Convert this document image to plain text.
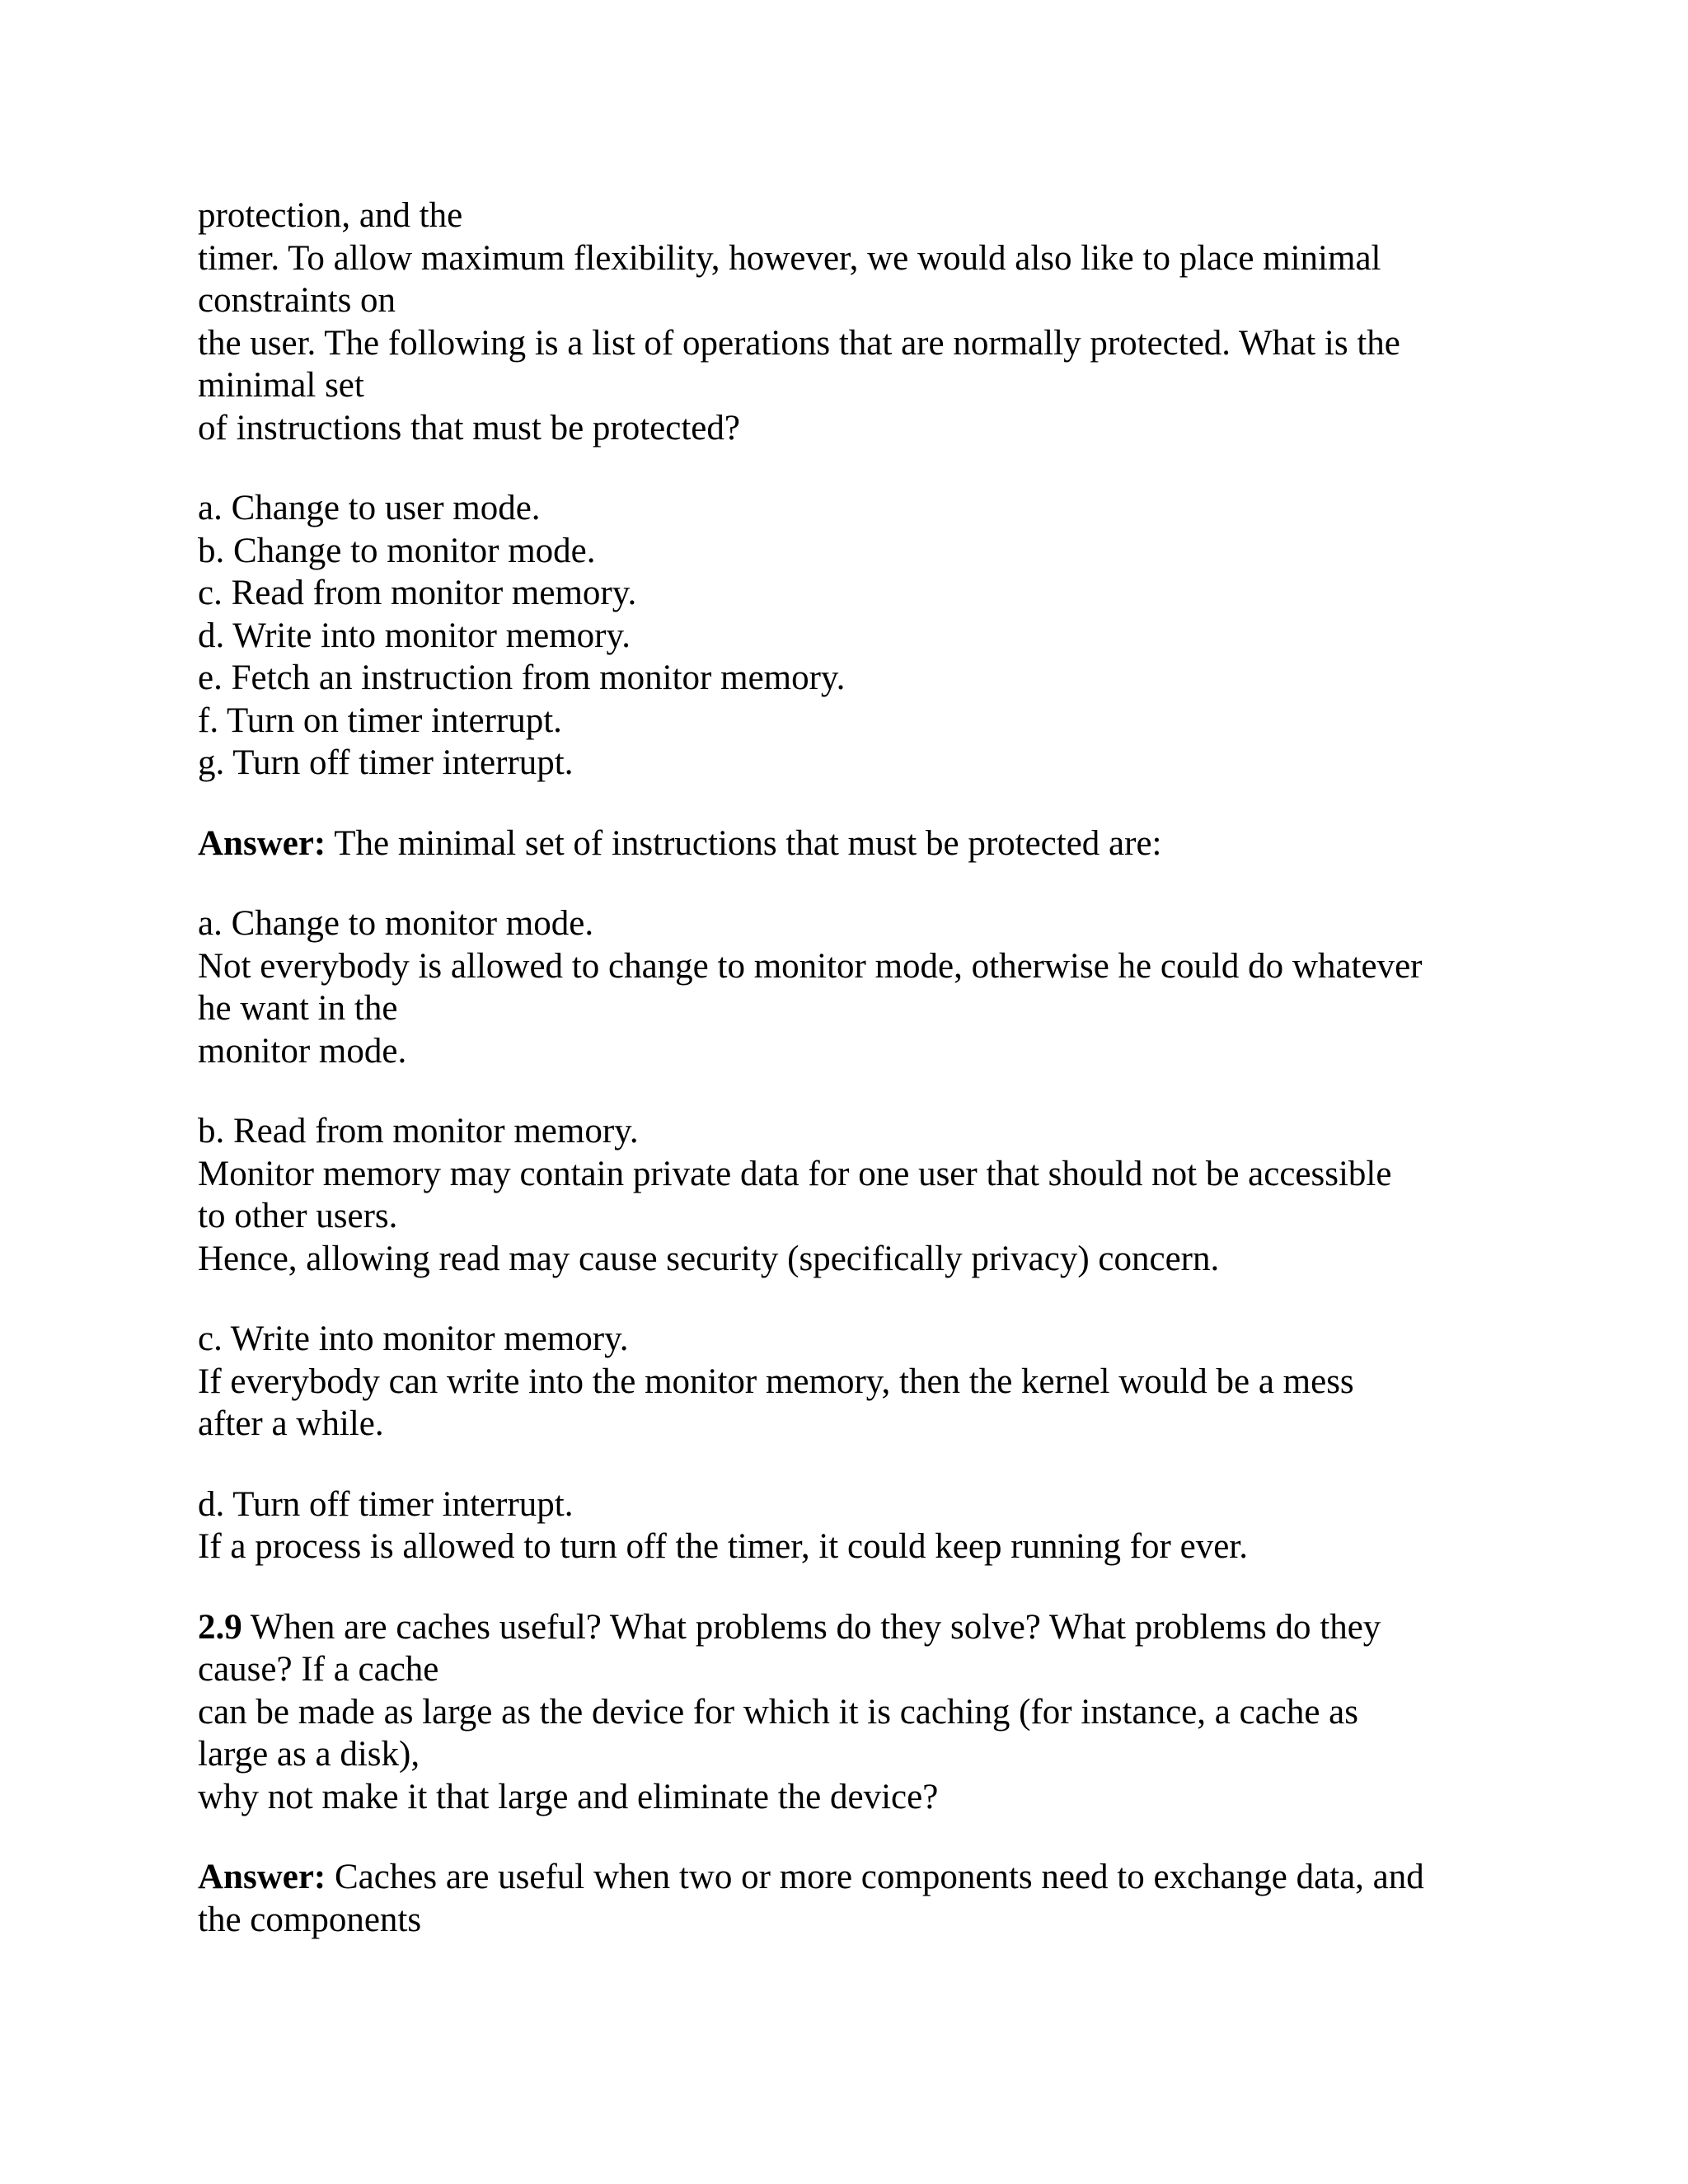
protection, and the
timer. To allow maximum flexibility, however, we would also like to place minimal
constraints on
the user. The following is a list of operations that are normally protected. What is the
minimal set
of instructions that must be protected?
a. Change to user mode.
b. Change to monitor mode.
c. Read from monitor memory.
d. Write into monitor memory.
e. Fetch an instruction from monitor memory.
f. Turn on timer interrupt.
g. Turn off timer interrupt.
Answer: The minimal set of instructions that must be protected are:
a. Change to monitor mode.
Not everybody is allowed to change to monitor mode, otherwise he could do whatever
he want in the
monitor mode.
b. Read from monitor memory.
Monitor memory may contain private data for one user that should not be accessible
to other users.
Hence, allowing read may cause security (specifically privacy) concern.
c. Write into monitor memory.
If everybody can write into the monitor memory, then the kernel would be a mess
after a while.
d. Turn off timer interrupt.
If a process is allowed to turn off the timer, it could keep running for ever.
2.9 When are caches useful? What problems do they solve? What problems do they
cause? If a cache
can be made as large as the device for which it is caching (for instance, a cache as
large as a disk),
why not make it that large and eliminate the device?
Answer: Caches are useful when two or more components need to exchange data, and
the components
